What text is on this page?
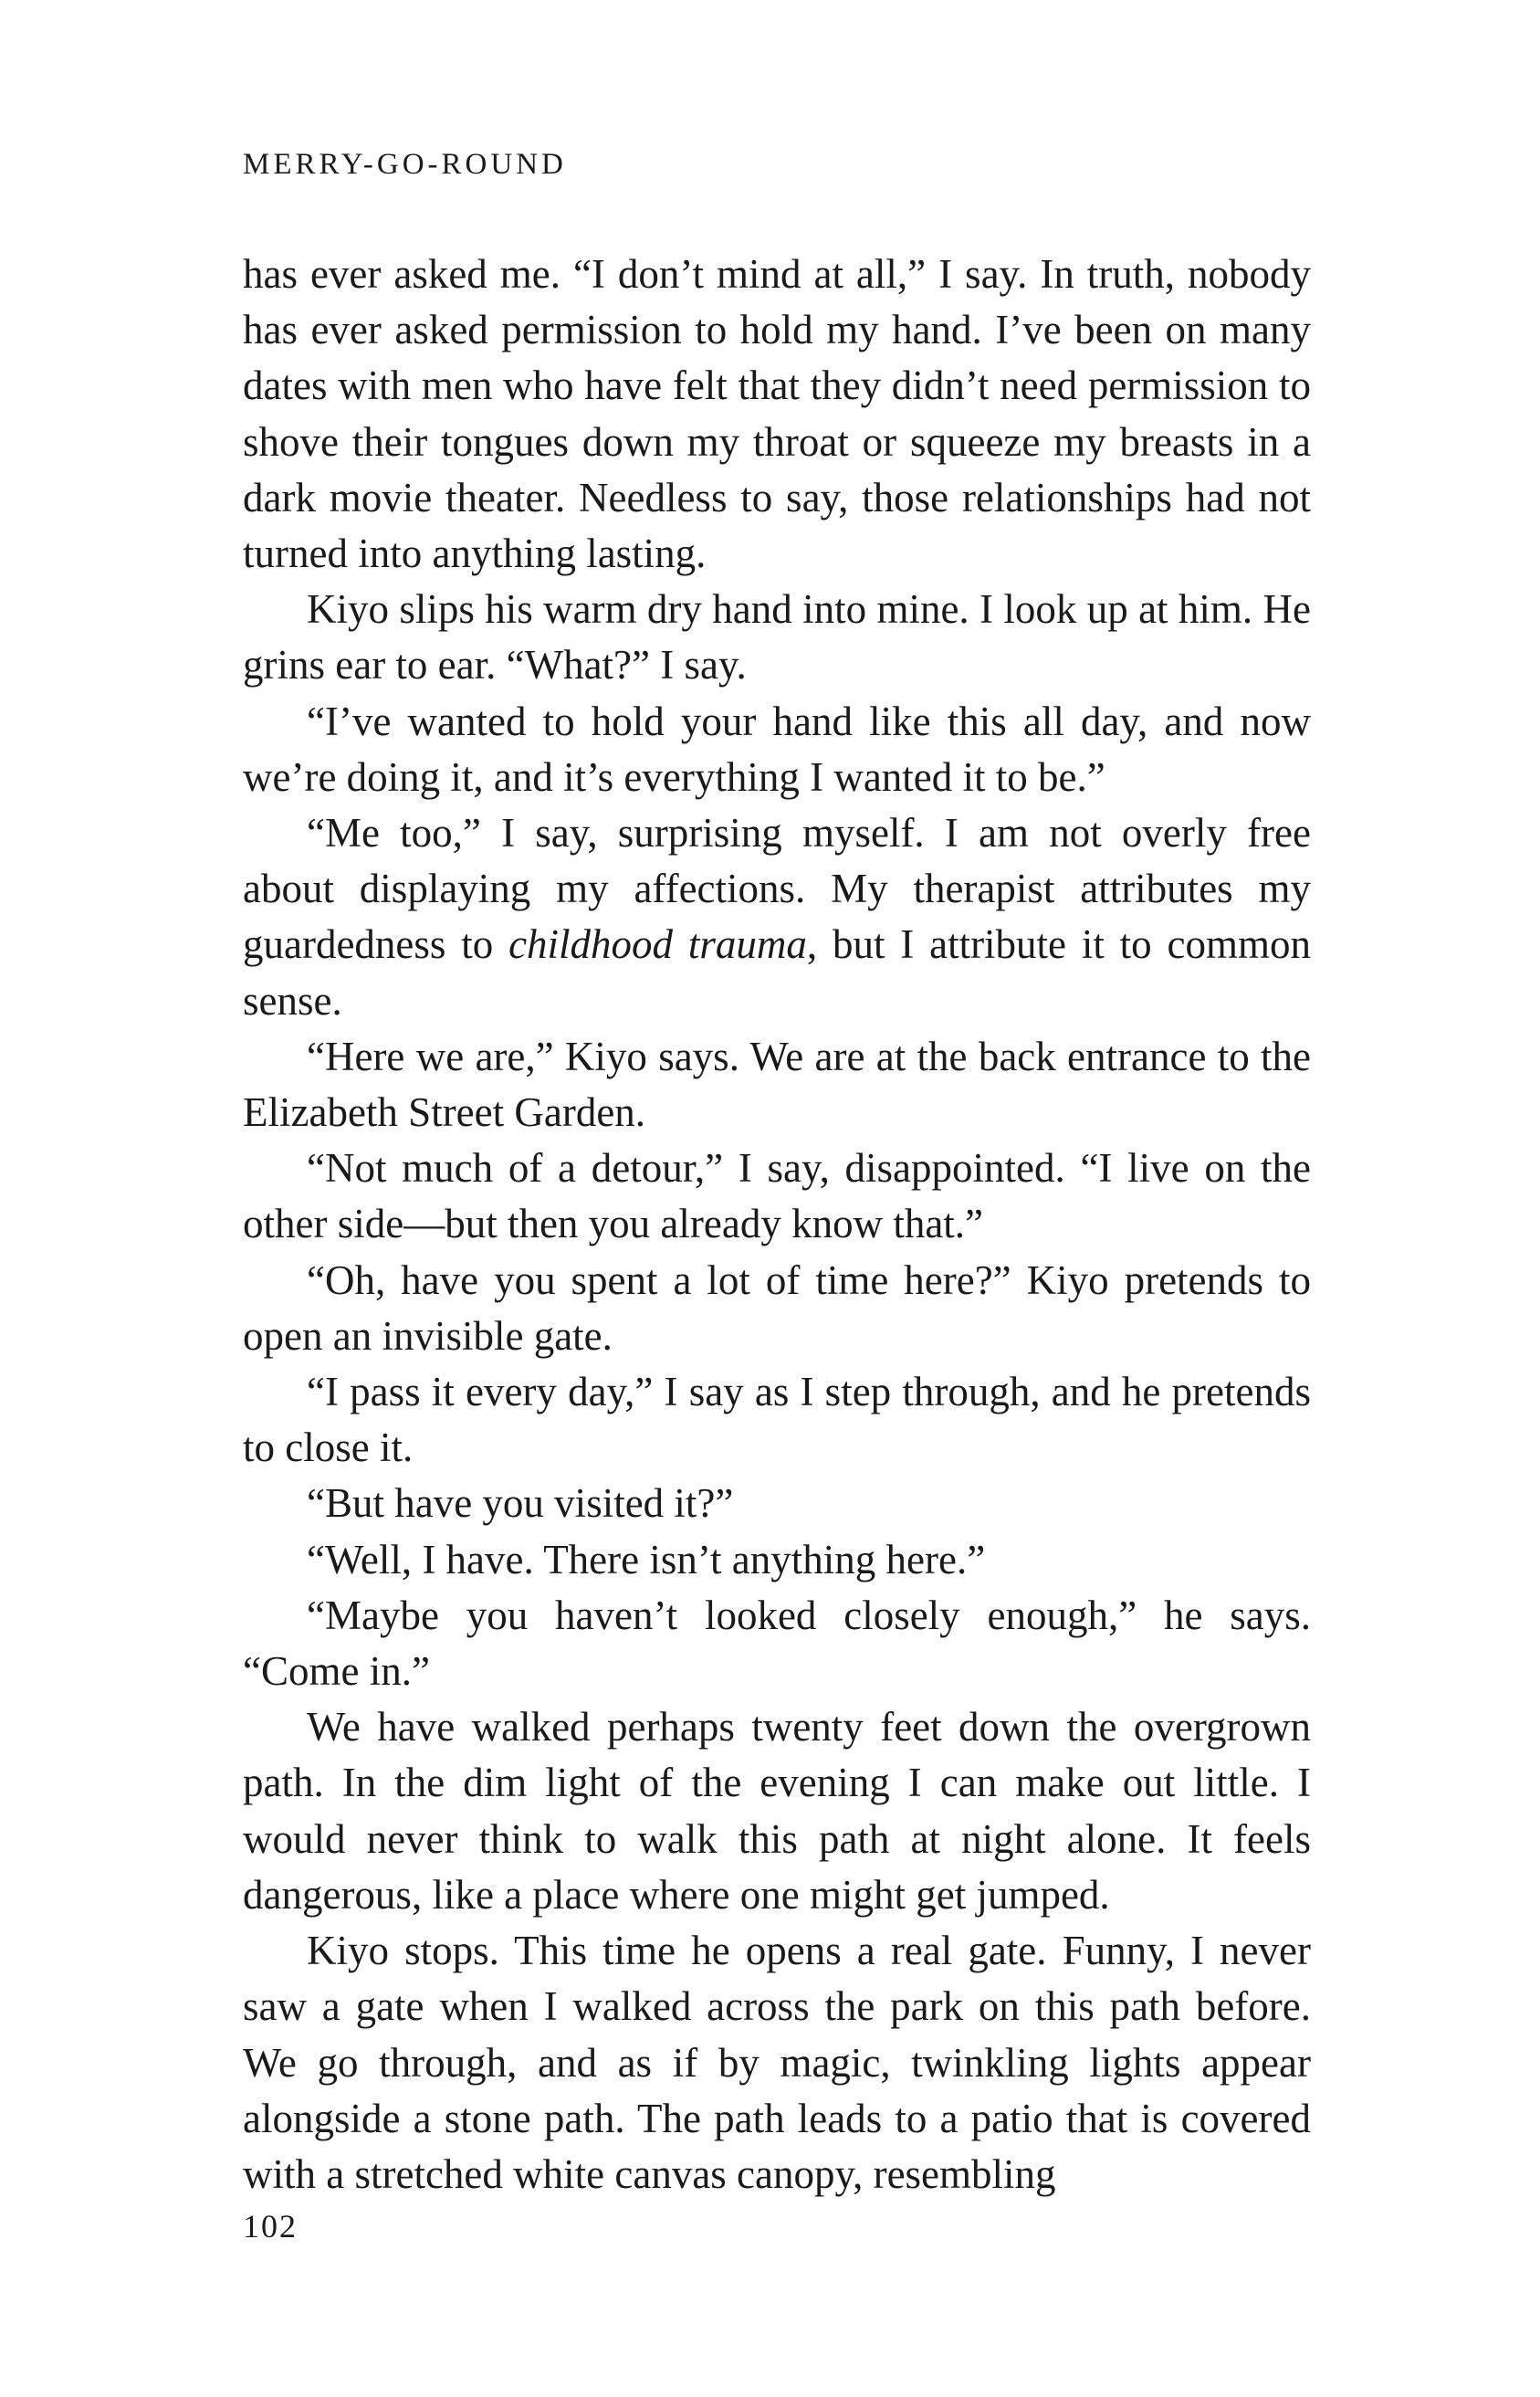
MERRY-GO-ROUND

has ever asked me. “I don’t mind at all,” I say. In truth, nobody has ever asked permission to hold my hand. I’ve been on many dates with men who have felt that they didn’t need permission to shove their tongues down my throat or squeeze my breasts in a dark movie theater. Needless to say, those relationships had not turned into anything lasting.

Kiyo slips his warm dry hand into mine. I look up at him. He grins ear to ear. “What?” I say.

“I’ve wanted to hold your hand like this all day, and now we’re doing it, and it’s everything I wanted it to be.”

“Me too,” I say, surprising myself. I am not overly free about displaying my affections. My therapist attributes my guardedness to childhood trauma, but I attribute it to common sense.

“Here we are,” Kiyo says. We are at the back entrance to the Elizabeth Street Garden.

“Not much of a detour,” I say, disappointed. “I live on the other side—but then you already know that.”

“Oh, have you spent a lot of time here?” Kiyo pretends to open an invisible gate.

“I pass it every day,” I say as I step through, and he pretends to close it.

“But have you visited it?”

“Well, I have. There isn’t anything here.”

“Maybe you haven’t looked closely enough,” he says. “Come in.”

We have walked perhaps twenty feet down the overgrown path. In the dim light of the evening I can make out little. I would never think to walk this path at night alone. It feels dangerous, like a place where one might get jumped.

Kiyo stops. This time he opens a real gate. Funny, I never saw a gate when I walked across the park on this path before. We go through, and as if by magic, twinkling lights appear alongside a stone path. The path leads to a patio that is covered with a stretched white canvas canopy, resembling

102
